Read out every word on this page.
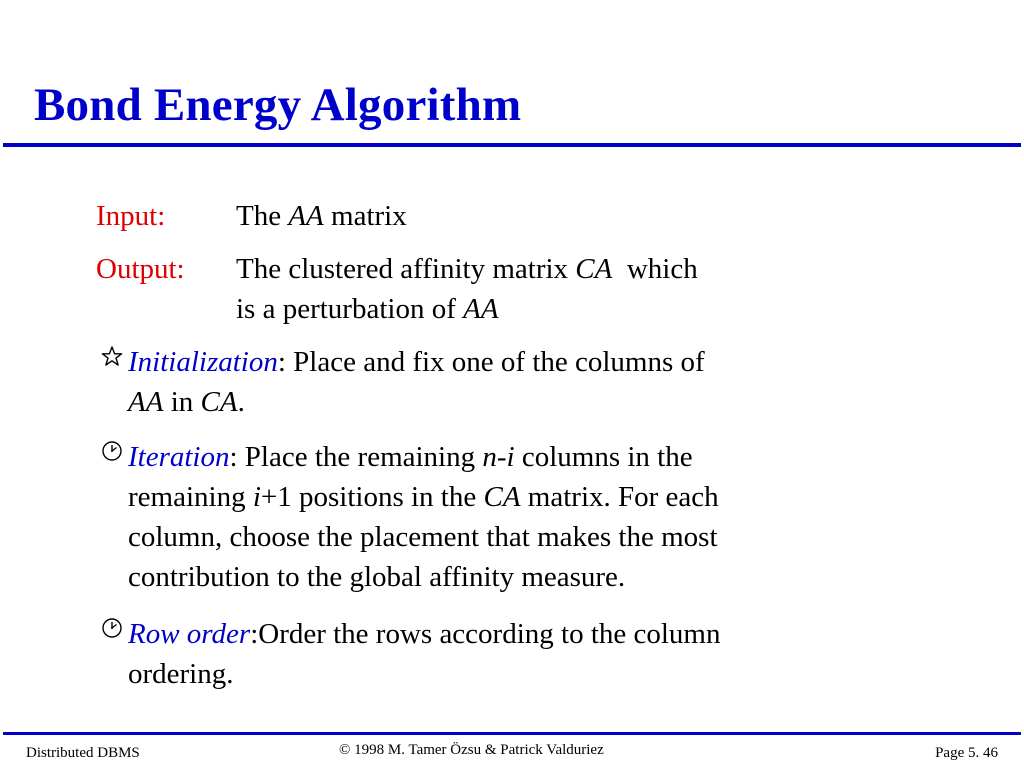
Bond Energy Algorithm
Input: The AA matrix
Output: The clustered affinity matrix CA  which
is a perturbation of AA
Initialization: Place and fix one of the columns of
AA in CA.
Iteration: Place the remaining n-i columns in the
remaining i+1 positions in the CA matrix. For each
column, choose the placement that makes the most
contribution to the global affinity measure.
Row order:Order the rows according to the column
ordering.
Distributed DBMS	© 1998 M. Tamer Özsu & Patrick Valduriez	Page 5. 46
